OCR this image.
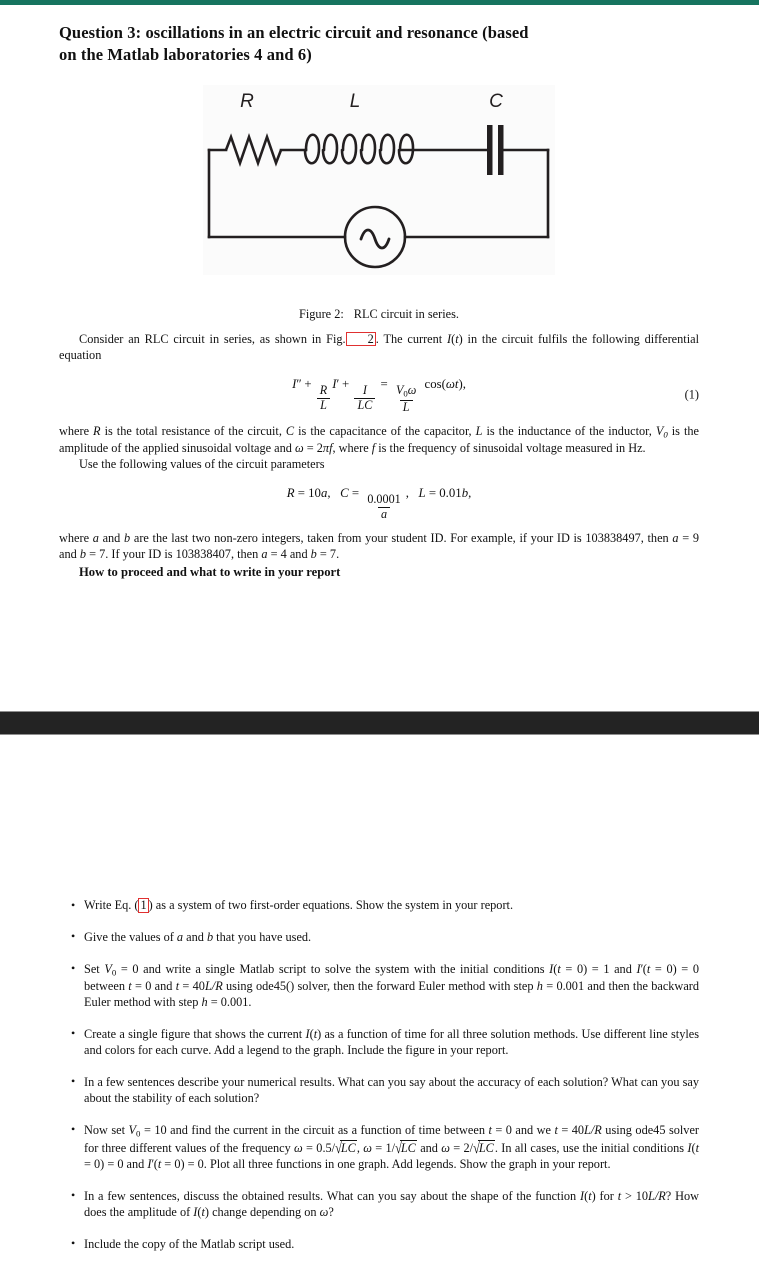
Question 3: oscillations in an electric circuit and resonance (based
on the Matlab laboratories 4 and 6)
R	L	C
Figure 2: RLC circuit in series.

Consider an RLC circuit in series, as shown in Fig. 2 . The current I(t) in the circuit fulfils the following differential equation

I″ +
$\frac{R}{L}$
I′ +
$\frac{I}{LC}$
=
$\frac{V_0\omega}{L}$
cos(ωt),
(1)

where R is the total resistance of the circuit, C is the capacitance of the capacitor, L is the inductance of the inductor, $V_0$ is the amplitude of the applied sinusoidal voltage and ω = 2πf, where f is the frequency of sinusoidal voltage measured in Hz.

Use the following values of the circuit parameters

R = 10a,   C =
$\frac{0.0001}{a}$
,   L = 0.01b,

where a and b are the last two non-zero integers, taken from your student ID. For example, if your ID is 103838497, then a = 9 and b = 7. If your ID is 103838407, then a = 4 and b = 7.

How to proceed and what to write in your report

• Write Eq. ( 1 ) as a system of two first-order equations. Show the system in your report.
• Give the values of a and b that you have used.
• Set $V_0 = 0$ and write a single Matlab script to solve the system with the initial conditions I(t = 0) = 1 and I′(t = 0) = 0 between t = 0 and t = 40L/R using ode45() solver, then the forward Euler method with step h = 0.001 and then the backward Euler method with step h = 0.001.
• Create a single figure that shows the current I(t) as a function of time for all three solution methods. Use different line styles and colors for each curve. Add a legend to the graph. Include the figure in your report.
• In a few sentences describe your numerical results. What can you say about the accuracy of each solution? What can you say about the stability of each solution?
• Now set $V_0 = 10$ and find the current in the circuit as a function of time between t = 0 and we t = 40L/R using ode45 solver for three different values of the frequency ω = 0.5/√LC, ω = 1/√LC and ω = 2/√LC. In all cases, use the initial conditions I(t = 0) = 0 and I′(t = 0) = 0. Plot all three functions in one graph. Add legends. Show the graph in your report.
• In a few sentences, discuss the obtained results. What can you say about the shape of the function I(t) for t > 10L/R? How does the amplitude of I(t) change depending on ω?
• Include the copy of the Matlab script used.
